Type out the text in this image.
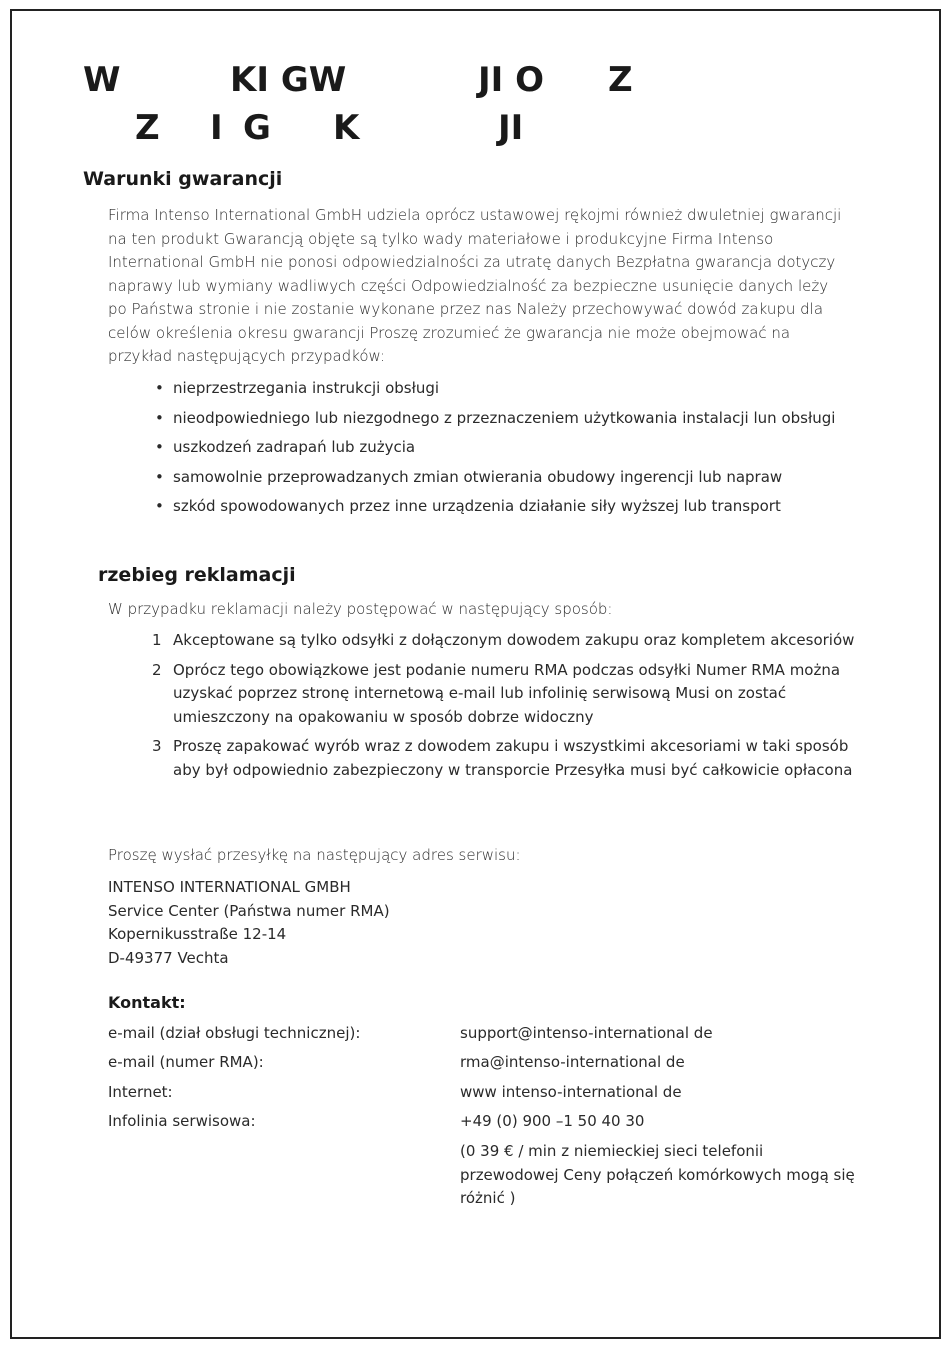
W	KI GW	JI O Z
Z I G K	JI
Warunki gwarancji

Firma Intenso International GmbH udziela oprócz ustawowej rękojmi również dwuletniej gwarancji na ten produkt Gwarancją objęte są tylko wady materiałowe i produkcyjne Firma Intenso International GmbH nie ponosi odpowiedzialności za utratę danych Bezpłatna gwarancja dotyczy naprawy lub wymiany wadliwych części Odpowiedzialność za bezpieczne usunięcie danych leży po Państwa stronie i nie zostanie wykonane przez nas Należy przechowywać dowód zakupu dla celów określenia okresu gwarancji Proszę zrozumieć że gwarancja nie może obejmować na przykład następujących przypadków:

• nieprzestrzegania instrukcji obsługi
• nieodpowiedniego lub niezgodnego z przeznaczeniem użytkowania instalacji lun obsługi
• uszkodzeń zadrapań lub zużycia
• samowolnie przeprowadzanych zmian otwierania obudowy ingerencji lub napraw
• szkód spowodowanych przez inne urządzenia działanie siły wyższej lub transport
rzebieg reklamacji

W przypadku reklamacji należy postępować w następujący sposób:

1 Akceptowane są tylko odsyłki z dołączonym dowodem zakupu oraz kompletem akcesoriów
2 Oprócz tego obowiązkowe jest podanie numeru RMA podczas odsyłki Numer RMA można uzyskać poprzez stronę internetową e-mail lub infolinię serwisową Musi on zostać umieszczony na opakowaniu w sposób dobrze widoczny
3 Proszę zapakować wyrób wraz z dowodem zakupu i wszystkimi akcesoriami w taki sposób aby był odpowiednio zabezpieczony w transporcie Przesyłka musi być całkowicie opłacona

Proszę wysłać przesyłkę na następujący adres serwisu:

INTENSO INTERNATIONAL GMBH
Service Center (Państwa numer RMA)
Kopernikusstraße 12-14
D-49377 Vechta

Kontakt:

e-mail (dział obsługi technicznej):	support@intenso-international de
e-mail (numer RMA):	rma@intenso-international de
Internet:	www intenso-international de
Infolinia serwisowa:	+49 (0) 900 –1 50 40 30
(0 39 € / min z niemieckiej sieci telefonii przewodowej Ceny połączeń komórkowych mogą się różnić )
